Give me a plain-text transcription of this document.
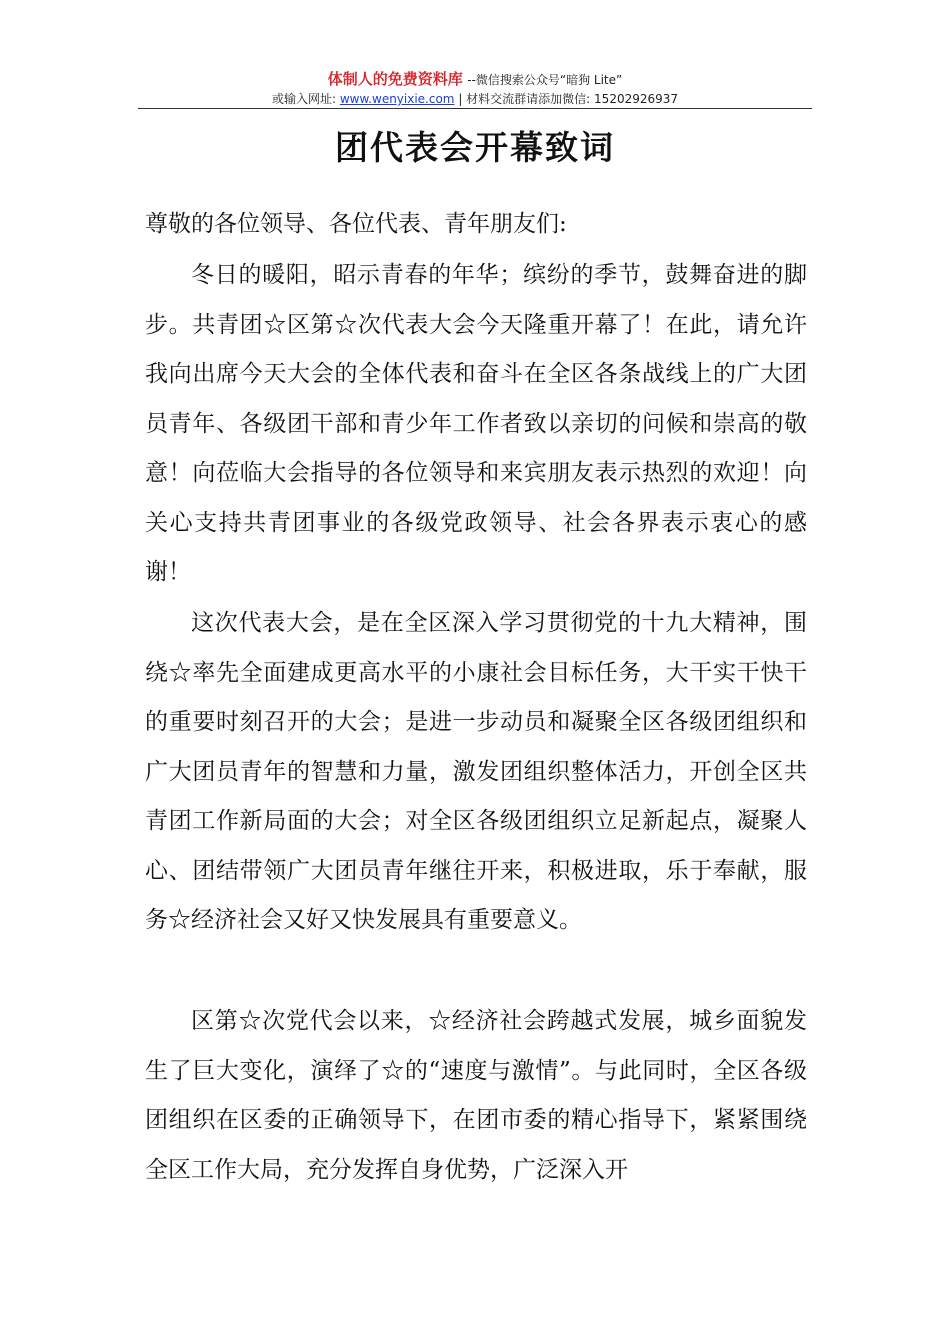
体制人的免费资料库 --微信搜索公众号“暗狗 Lite”
或输入网址: www.wenyixie.com | 材料交流群请添加微信: 15202926937
团代表会开幕致词
尊敬的各位领导、各位代表、青年朋友们:

冬日的暖阳，昭示青春的年华；缤纷的季节，鼓舞奋进的脚步。共青团☆区第☆次代表大会今天隆重开幕了！在此，请允许我向出席今天大会的全体代表和奋斗在全区各条战线上的广大团员青年、各级团干部和青少年工作者致以亲切的问候和崇高的敬意！向莅临大会指导的各位领导和来宾朋友表示热烈的欢迎！向关心支持共青团事业的各级党政领导、社会各界表示衷心的感谢！

这次代表大会，是在全区深入学习贯彻党的十九大精神，围绕☆率先全面建成更高水平的小康社会目标任务，大干实干快干的重要时刻召开的大会；是进一步动员和凝聚全区各级团组织和广大团员青年的智慧和力量，激发团组织整体活力，开创全区共青团工作新局面的大会；对全区各级团组织立足新起点，凝聚人心、团结带领广大团员青年继往开来，积极进取，乐于奉献，服务☆经济社会又好又快发展具有重要意义。

区第☆次党代会以来，☆经济社会跨越式发展，城乡面貌发生了巨大变化，演绎了☆的“速度与激情”。与此同时，全区各级团组织在区委的正确领导下，在团市委的精心指导下，紧紧围绕全区工作大局，充分发挥自身优势，广泛深入开
